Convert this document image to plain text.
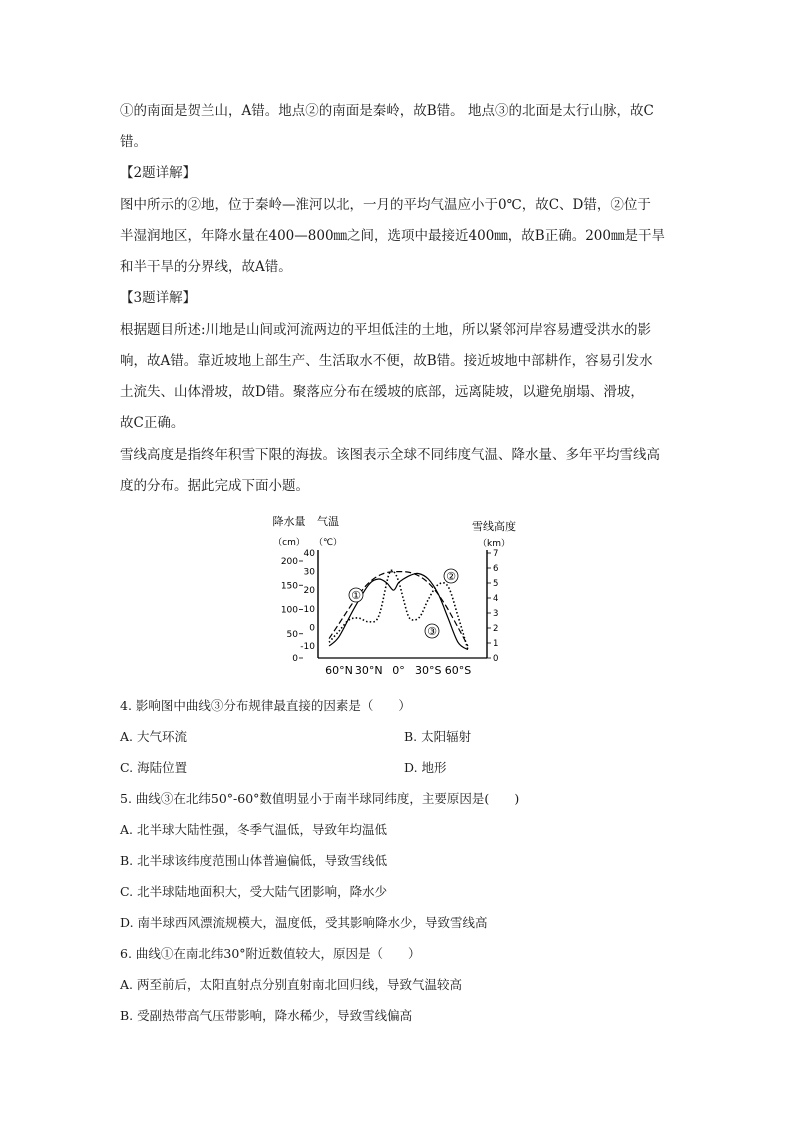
①的南面是贺兰山，A错。地点②的南面是秦岭，故B错。 地点③的北面是太行山脉，故C
错。
【2题详解】
图中所示的②地，位于秦岭—淮河以北，一月的平均气温应小于0℃，故C、D错，②位于
半湿润地区，年降水量在400—800㎜之间，选项中最接近400㎜，故B正确。200㎜是干旱
和半干旱的分界线，故A错。
【3题详解】
根据题目所述:川地是山间或河流两边的平坦低洼的土地，所以紧邻河岸容易遭受洪水的影
响，故A错。靠近坡地上部生产、生活取水不便，故B错。接近坡地中部耕作，容易引发水
土流失、山体滑坡，故D错。聚落应分布在缓坡的底部，远离陡坡，以避免崩塌、滑坡，
故C正确。
雪线高度是指终年积雪下限的海拔。该图表示全球不同纬度气温、降水量、多年平均雪线高
度的分布。据此完成下面小题。
降水量
（cm）
气温
（℃）
雪线高度
（km）
200
150
100
50
0
40
30
20
10
0
-10
7
6
5
4
3
2
1
0
60°N 30°N 0° 30°S 60°S
①
②
③
4. 影响图中曲线③分布规律最直接的因素是（　　）
A. 大气环流	B. 太阳辐射
C. 海陆位置	D. 地形
5. 曲线③在北纬50°-60°数值明显小于南半球同纬度，主要原因是(　　)
A. 北半球大陆性强，冬季气温低，导致年均温低
B. 北半球该纬度范围山体普遍偏低，导致雪线低
C. 北半球陆地面积大，受大陆气团影响，降水少
D. 南半球西风漂流规模大，温度低，受其影响降水少，导致雪线高
6. 曲线①在南北纬30°附近数值较大，原因是（　　）
A. 两至前后，太阳直射点分别直射南北回归线，导致气温较高
B. 受副热带高气压带影响，降水稀少，导致雪线偏高
